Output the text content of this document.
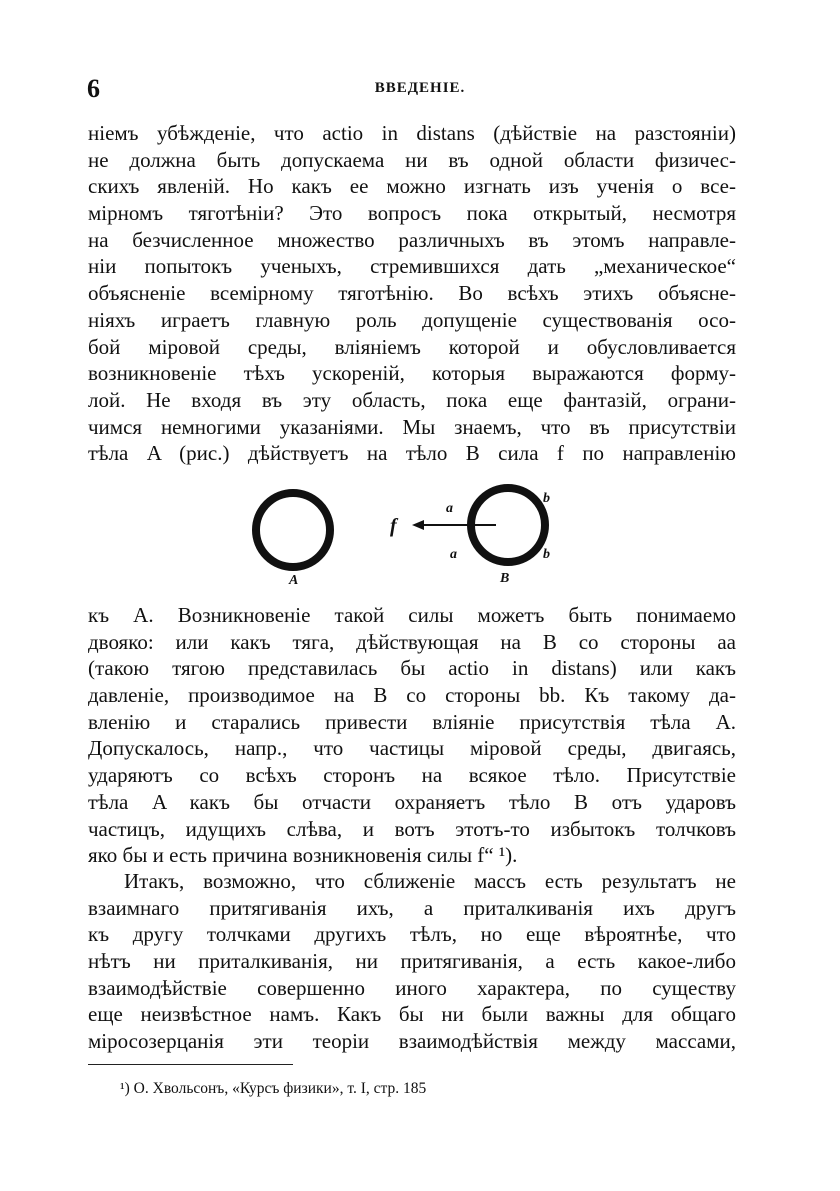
6	ВВЕДЕНІЕ.
ніемъ убѣжденіе, что actio in distans (дѣйствіе на разстояніи)
не должна быть допускаема ни въ одной области физичес-
скихъ явленій. Но какъ ее можно изгнать изъ ученія о все-
мірномъ тяготѣніи? Это вопросъ пока открытый, несмотря
на безчисленное множество различныхъ въ этомъ направле-
ніи попытокъ ученыхъ, стремившихся дать „механическое“
объясненіе всемірному тяготѣнію. Во всѣхъ этихъ объясне-
ніяхъ играетъ главную роль допущеніе существованія осо-
бой міровой среды, вліяніемъ которой и обусловливается
возникновеніе тѣхъ ускореній, которыя выражаются форму-
лой. Не входя въ эту область, пока еще фантазій, ограни-
чимся немногими указаніями. Мы знаемъ, что въ присутствіи
тѣла A (рис.) дѣйствуетъ на тѣло B сила f по направленію
A	B
f
a
a
b
b
къ A. Возникновеніе такой силы можетъ быть понимаемо
двояко: или какъ тяга, дѣйствующая на B со стороны aa
(такою тягою представилась бы actio in distans) или какъ
давленіе, производимое на B со стороны bb. Къ такому да-
вленію и старались привести вліяніе присутствія тѣла A.
Допускалось, напр., что частицы міровой среды, двигаясь,
ударяютъ со всѣхъ сторонъ на всякое тѣло. Присутствіе
тѣла A какъ бы отчасти охраняетъ тѣло B отъ ударовъ
частицъ, идущихъ слѣва, и вотъ этотъ-то избытокъ толчковъ
яко бы и есть причина возникновенія силы f“ ¹).
Итакъ, возможно, что сближеніе массъ есть результатъ не
взаимнаго притягиванія ихъ, а приталкиванія ихъ другъ
къ другу толчками другихъ тѣлъ, но еще вѣроятнѣе, что
нѣтъ ни приталкиванія, ни притягиванія, а есть какое-либо
взаимодѣйствіе совершенно иного характера, по существу
еще неизвѣстное намъ. Какъ бы ни были важны для общаго
міросозерцанія эти теоріи взаимодѣйствія между массами,
¹) О. Хвольсонъ, «Курсъ физики», т. I, стр. 185
